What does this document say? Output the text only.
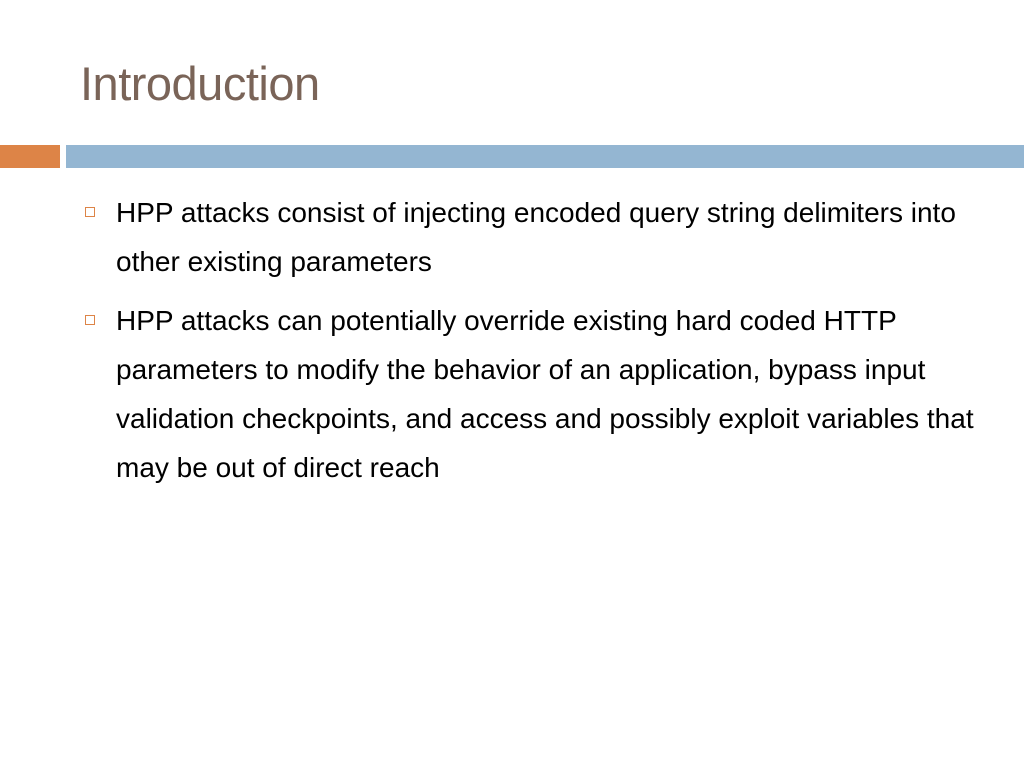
Introduction
HPP attacks consist of injecting encoded query string delimiters into other existing parameters
HPP attacks can potentially override existing hard coded HTTP parameters to modify the behavior of an application, bypass input validation checkpoints, and access and possibly exploit variables that may be out of direct reach
